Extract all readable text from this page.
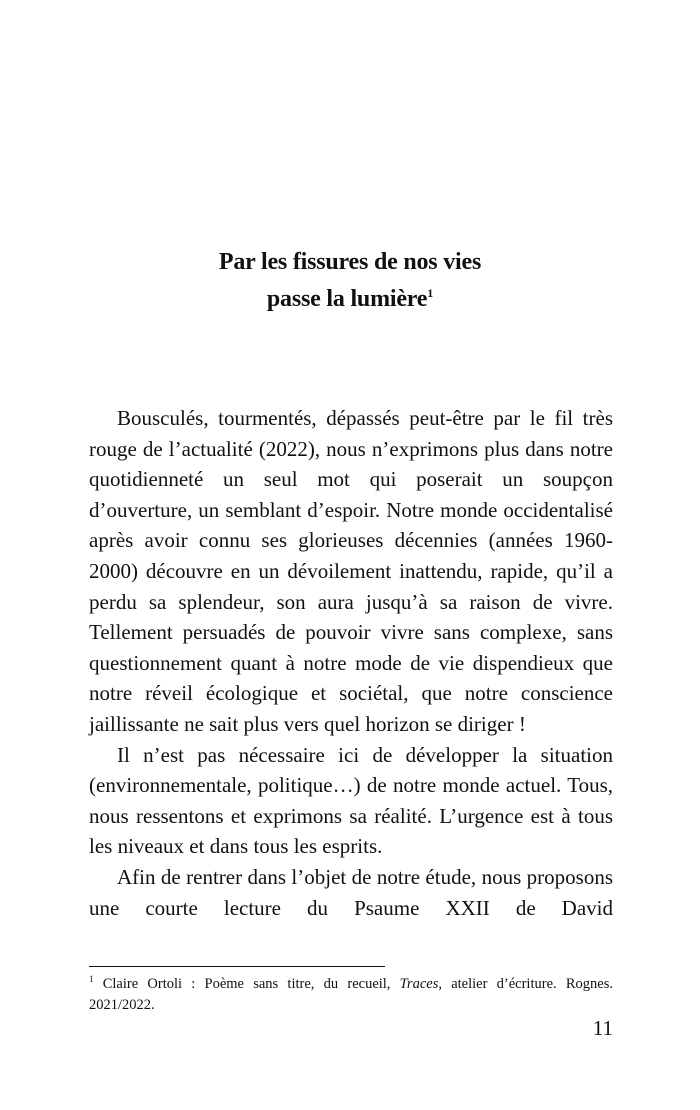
Par les fissures de nos vies
passe la lumière$^1$

Bousculés, tourmentés, dépassés peut-être par le fil très rouge de l’actualité (2022), nous n’exprimons plus dans notre quotidienneté un seul mot qui poserait un soupçon d’ouverture, un semblant d’espoir. Notre monde occidentalisé après avoir connu ses glorieuses décennies (années 1960-2000) découvre en un dévoilement inattendu, rapide, qu’il a perdu sa splendeur, son aura jusqu’à sa raison de vivre. Tellement persuadés de pouvoir vivre sans complexe, sans questionnement quant à notre mode de vie dispendieux que notre réveil écologique et sociétal, que notre conscience jaillissante ne sait plus vers quel horizon se diriger !

Il n’est pas nécessaire ici de développer la situation (environnementale, politique…) de notre monde actuel. Tous, nous ressentons et exprimons sa réalité. L’urgence est à tous les niveaux et dans tous les esprits.

Afin de rentrer dans l’objet de notre étude, nous proposons une courte lecture du Psaume XXII de David

$^1$ Claire Ortoli : Poème sans titre, du recueil, Traces, atelier d’écriture. Rognes. 2021/2022.
11
